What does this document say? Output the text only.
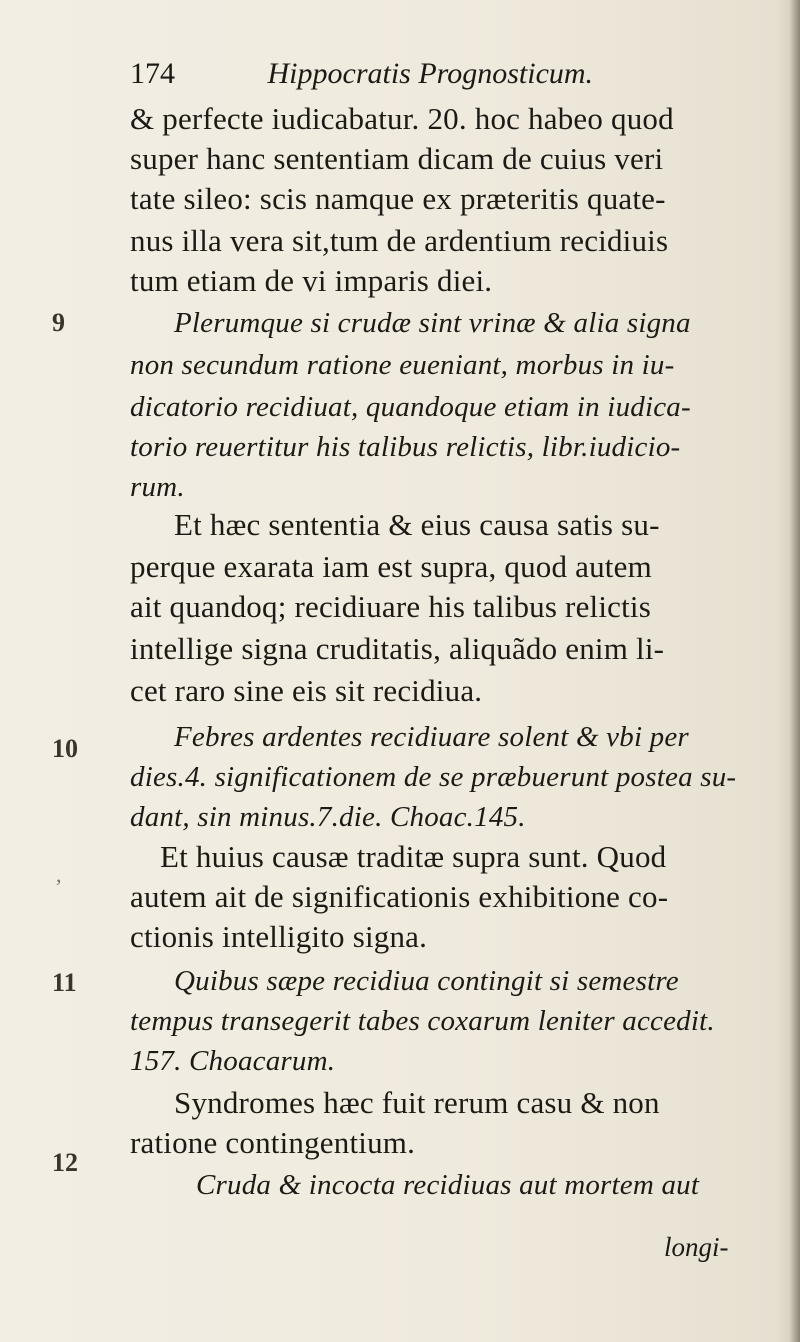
174	Hippocratis Prognosticum.
9
10
,
11
12
& perfecte iudicabatur. 20. hoc habeo quod
super hanc sententiam dicam de cuius veri
tate sileo: scis namque ex præteritis quate-
nus illa vera sit,tum de ardentium recidiuis
tum etiam de vi imparis diei.
Plerumque si crudæ sint vrinæ & alia signa
non secundum ratione eueniant, morbus in iu-
dicatorio recidiuat, quandoque etiam in iudica-
torio reuertitur his talibus relictis, libr.iudicio-
rum.
Et hæc sententia & eius causa satis su-
perque exarata iam est supra, quod autem
ait quandoq; recidiuare his talibus relictis
intellige signa cruditatis, aliquãdo enim li-
cet raro sine eis sit recidiua.
Febres ardentes recidiuare solent & vbi per
dies.4. significationem de se præbuerunt postea su-
dant, sin minus.7.die. Choac.145.
Et huius causæ traditæ supra sunt. Quod
autem ait de significationis exhibitione co-
ctionis intelligito signa.
Quibus sæpe recidiua contingit si semestre
tempus transegerit tabes coxarum leniter accedit.
157. Choacarum.
Syndromes hæc fuit rerum casu & non
ratione contingentium.
Cruda & incocta recidiuas aut mortem aut
longi-
